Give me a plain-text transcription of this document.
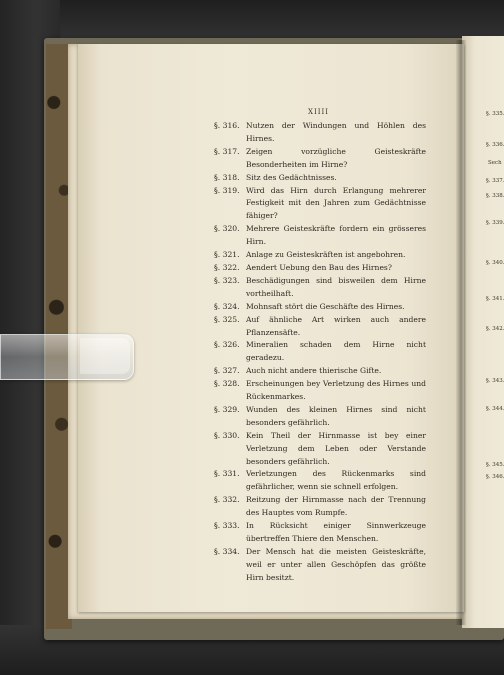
XIIII
§. 316. Nutzen der Windungen und Höhlen des Hirnes.
§. 317. Zeigen vorzügliche Geisteskräfte Besonderheiten im Hirne?
§. 318. Sitz des Gedächtnisses.
§. 319. Wird das Hirn durch Erlangung mehrerer Festigkeit mit den Jahren zum Gedächtnisse fähiger?
§. 320. Mehrere Geisteskräfte fordern ein grösseres Hirn.
§. 321. Anlage zu Geisteskräften ist angebohren.
§. 322. Aendert Uebung den Bau des Hirnes?
§. 323. Beschädigungen sind bisweilen dem Hirne vortheilhaft.
§. 324. Mohnsaft stört die Geschäfte des Hirnes.
§. 325. Auf ähnliche Art wirken auch andere Pflanzensäfte.
§. 326. Mineralien schaden dem Hirne nicht geradezu.
§. 327. Auch nicht andere thierische Gifte.
§. 328. Erscheinungen bey Verletzung des Hirnes und Rückenmarkes.
§. 329. Wunden des kleinen Hirnes sind nicht besonders gefährlich.
§. 330. Kein Theil der Hirnmasse ist bey einer Verletzung dem Leben oder Verstande besonders gefährlich.
§. 331. Verletzungen des Rückenmarks sind gefährlicher, wenn sie schnell erfolgen.
§. 332. Reitzung der Hirnmasse nach der Trennung des Hauptes vom Rumpfe.
§. 333. In Rücksicht einiger Sinnwerkzeuge übertreffen Thiere den Menschen.
§. 334. Der Mensch hat die meisten Geisteskräfte, weil er unter allen Geschöpfen das größte Hirn besitzt.
§. 335.
§. 336.
Sech
§. 337.
§. 338.
§. 339.
§. 340.
§. 341.
§. 342.
§. 343.
§. 344.
§. 345.
§. 346.
